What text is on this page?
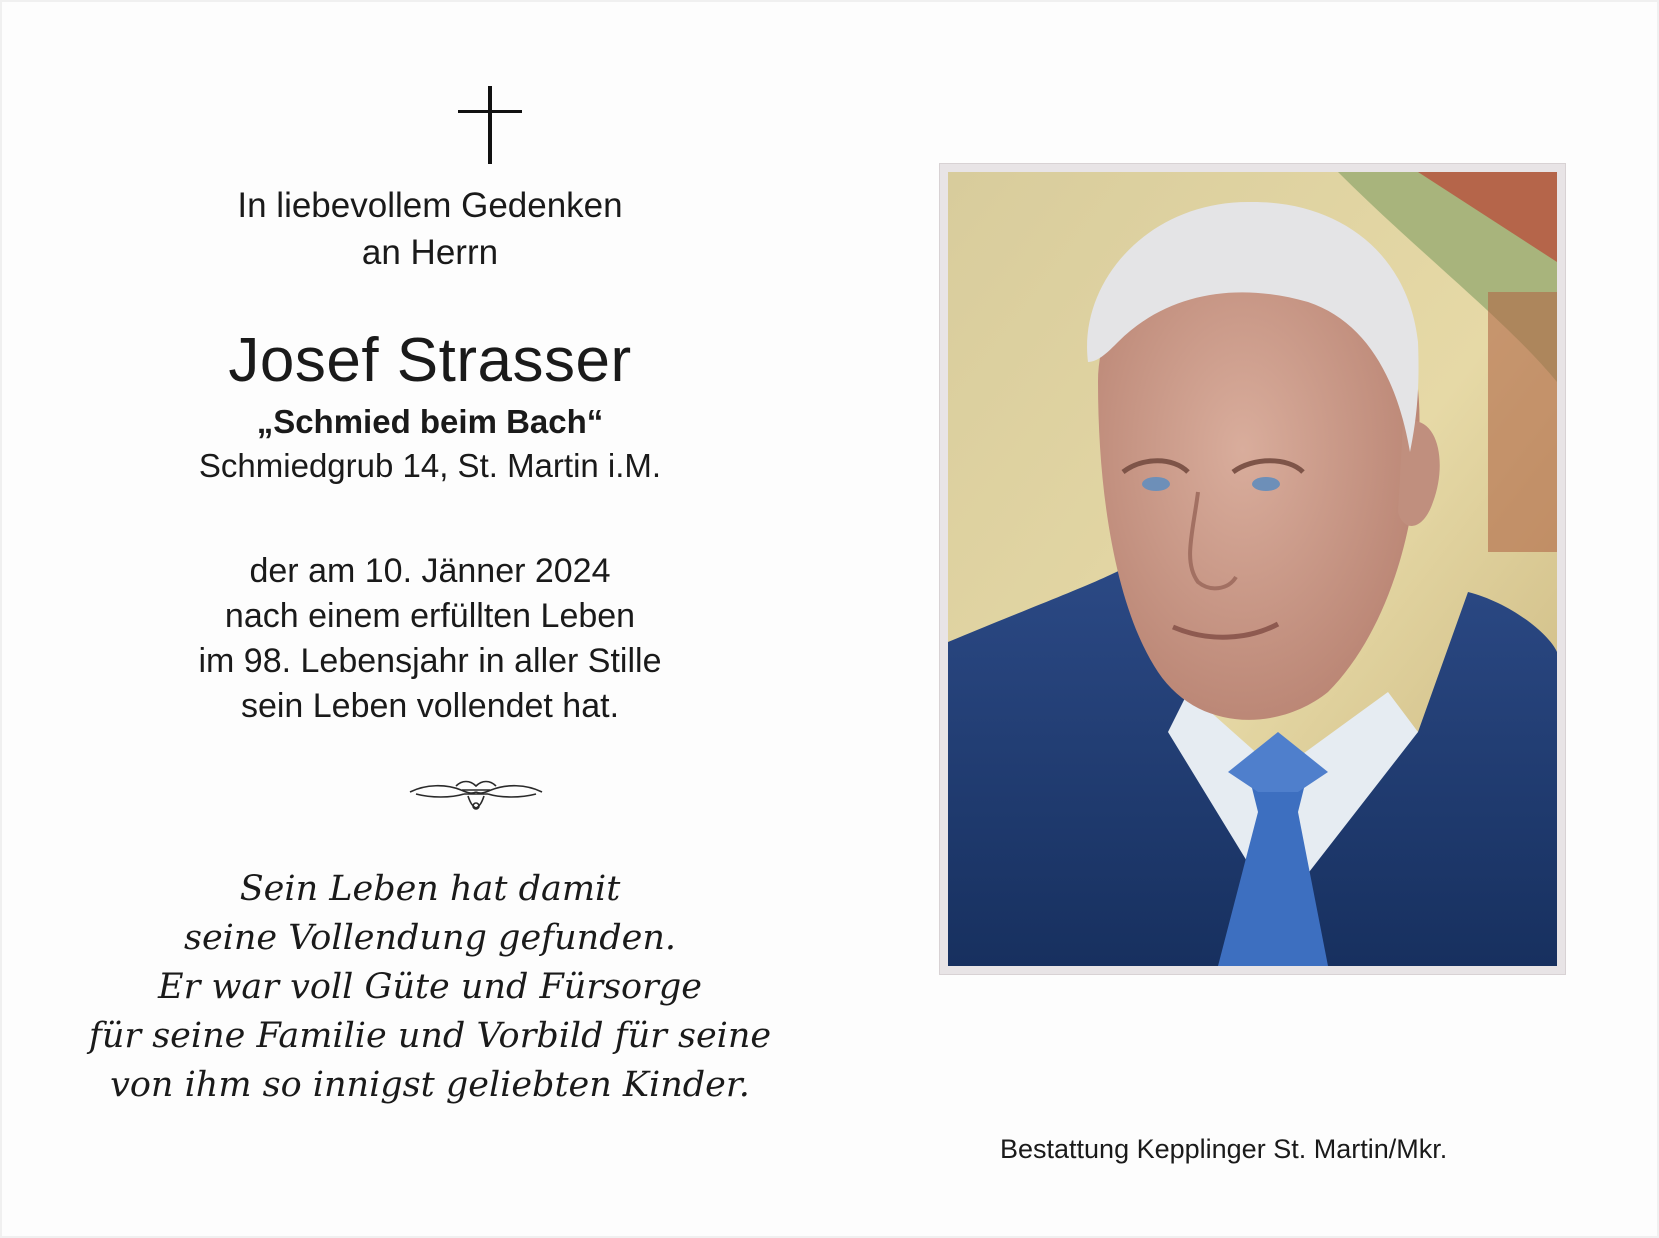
In liebevollem Gedenken
an Herrn
Josef Strasser
„Schmied beim Bach“
Schmiedgrub 14, St. Martin i.M.
der am 10. Jänner 2024
nach einem erfüllten Leben
im 98. Lebensjahr in aller Stille
sein Leben vollendet hat.
Sein Leben hat damit
seine Vollendung gefunden.
Er war voll Güte und Fürsorge
für seine Familie und Vorbild für seine
von ihm so innigst geliebten Kinder.
Bestattung Kepplinger St. Martin/Mkr.
